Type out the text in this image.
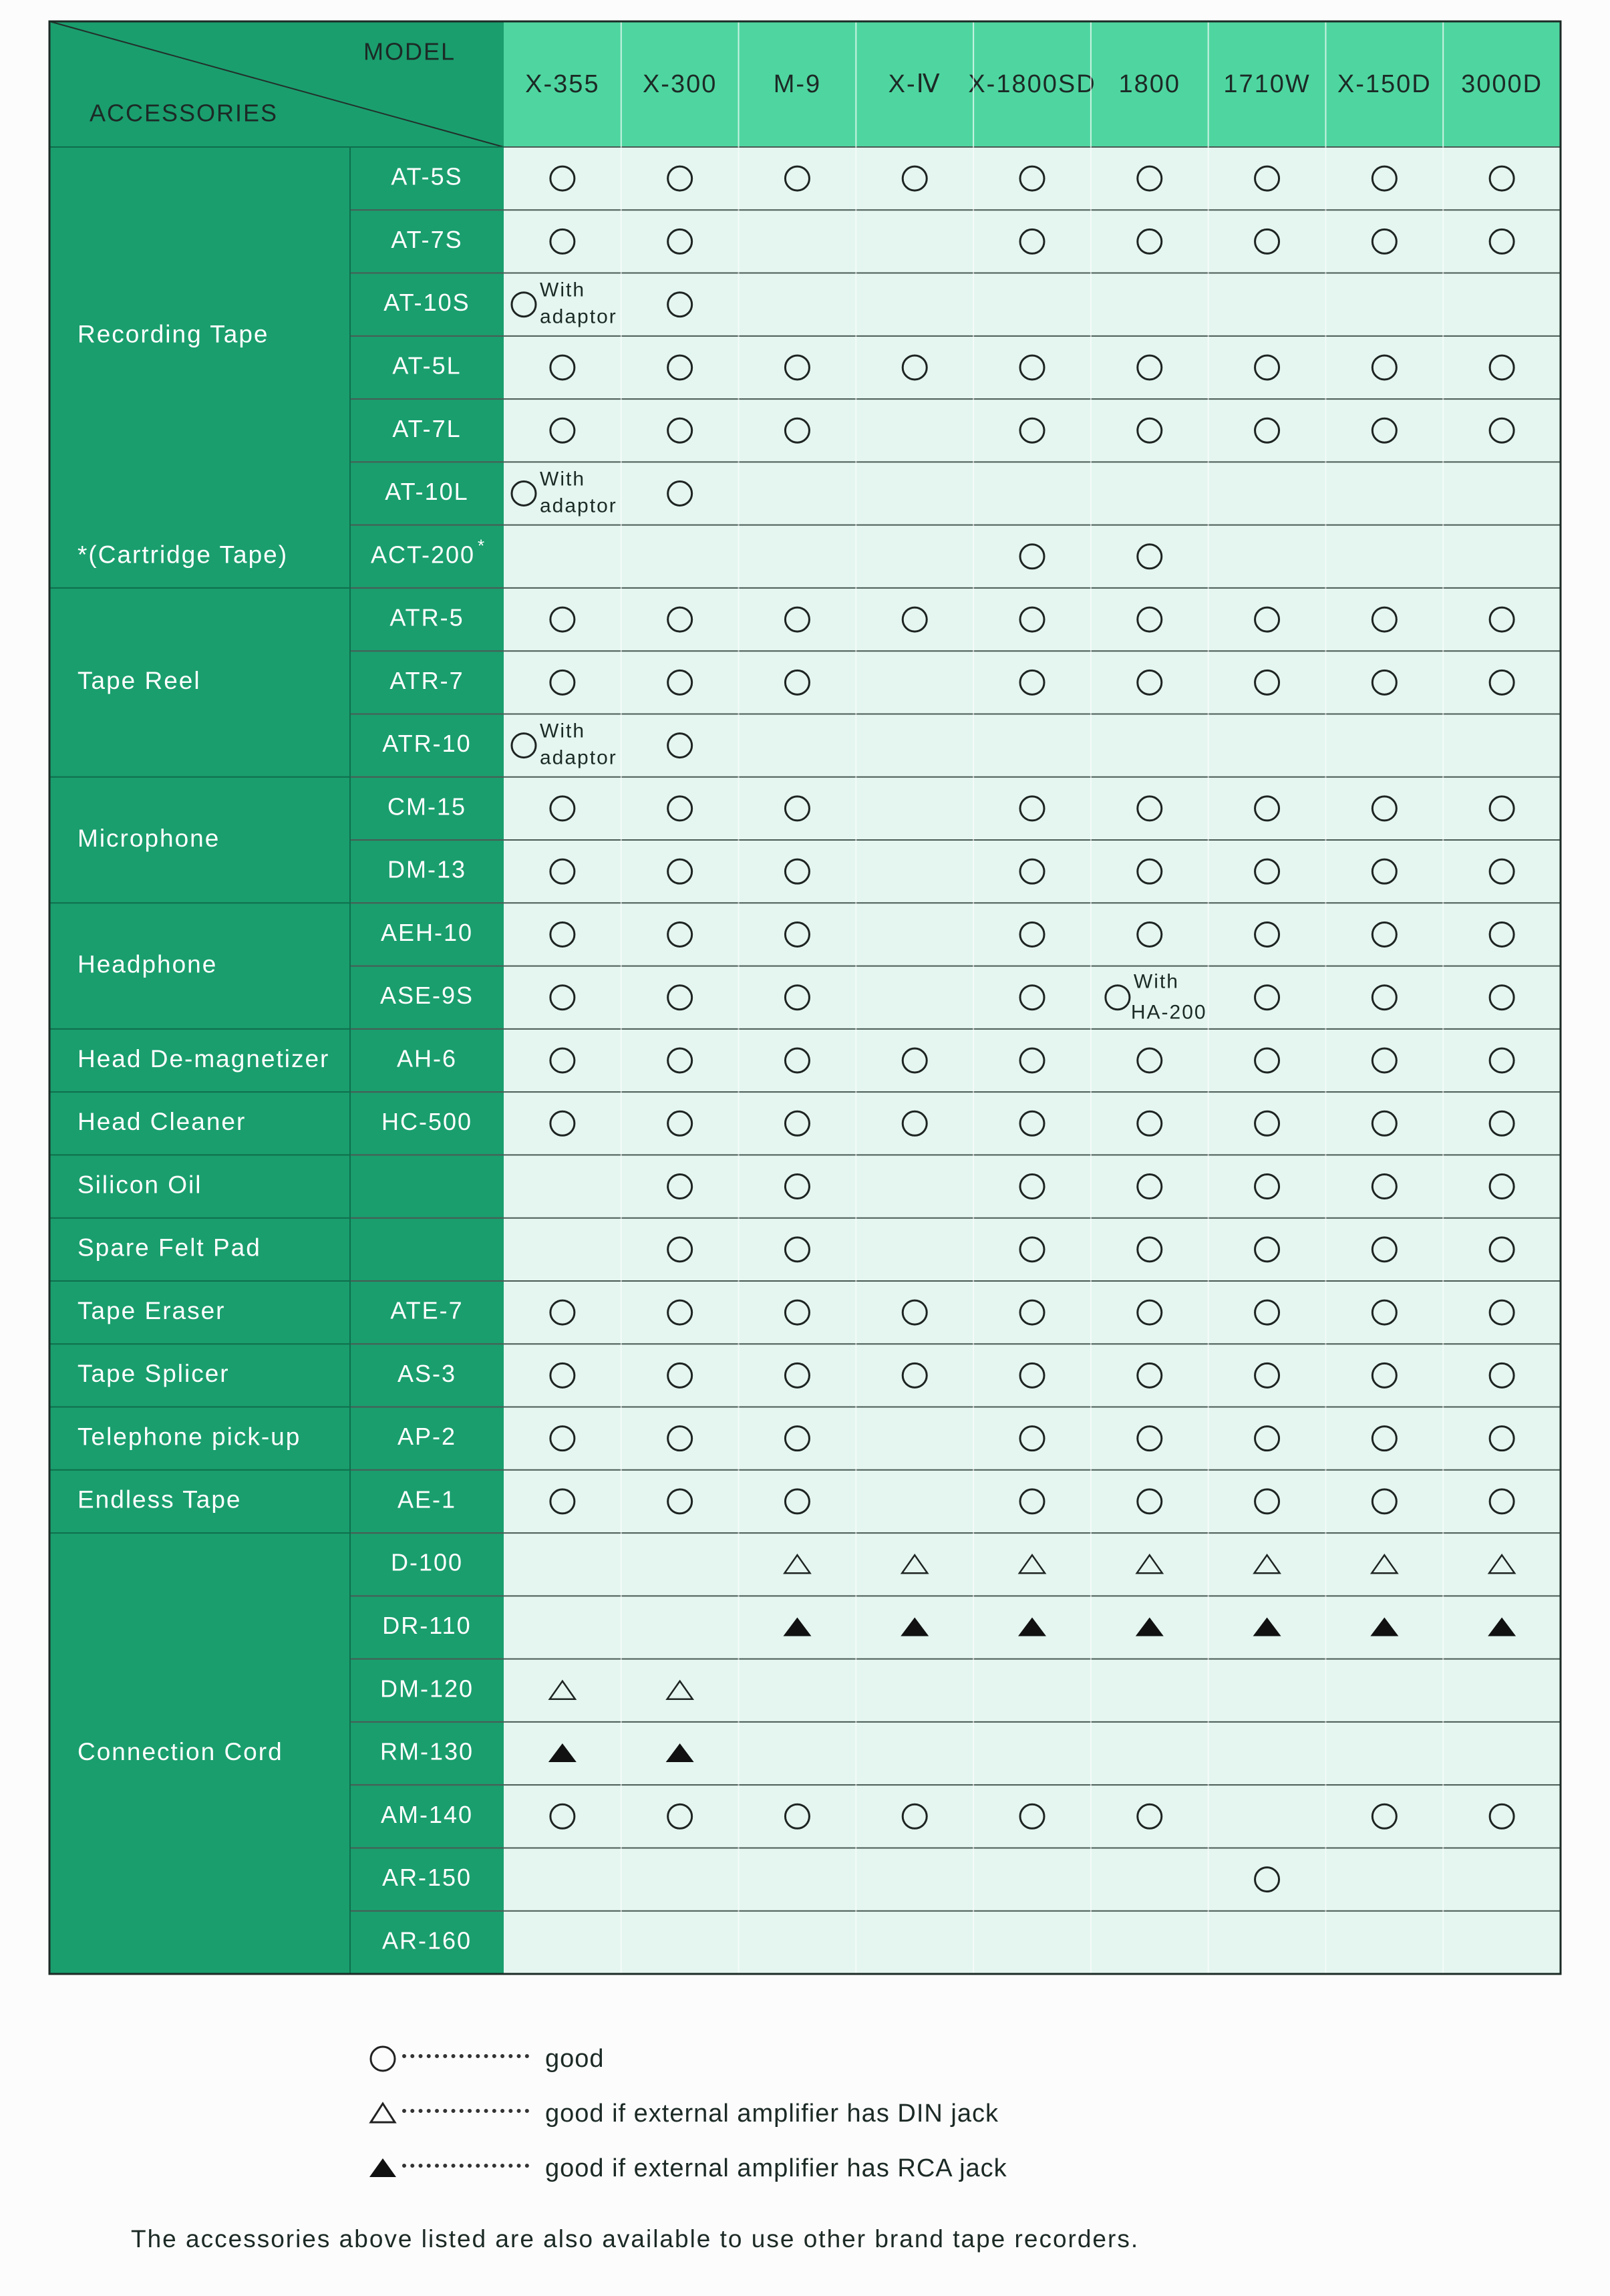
MODEL
ACCESSORIES
X-355 X-300 M-9	X-Ⅳ X-1800SD 1800 1710W X-150D 3000D
Recording Tape
*(Cartridge Tape)
Tape Reel
Microphone
Headphone
Head De-magnetizer
Head Cleaner
Silicon Oil
Spare Felt Pad
Tape Eraser
Tape Splicer
Telephone pick-up
Endless Tape
Connection Cord
AT-5S
AT-7S
AT-10S
AT-5L
AT-7L
AT-10L
ACT-200 *
ATR-5
ATR-7
ATR-10
CM-15
DM-13
AEH-10
ASE-9S
AH-6
HC-500
ATE-7
AS-3
AP-2
AE-1
D-100
DR-110
DM-120
RM-130
AM-140
AR-150
AR-160
With
adaptor
With
adaptor
With
adaptor
With
HA-200
good
good if external amplifier has DIN jack
good if external amplifier has RCA jack
The accessories above listed are also available to use other brand tape recorders.
